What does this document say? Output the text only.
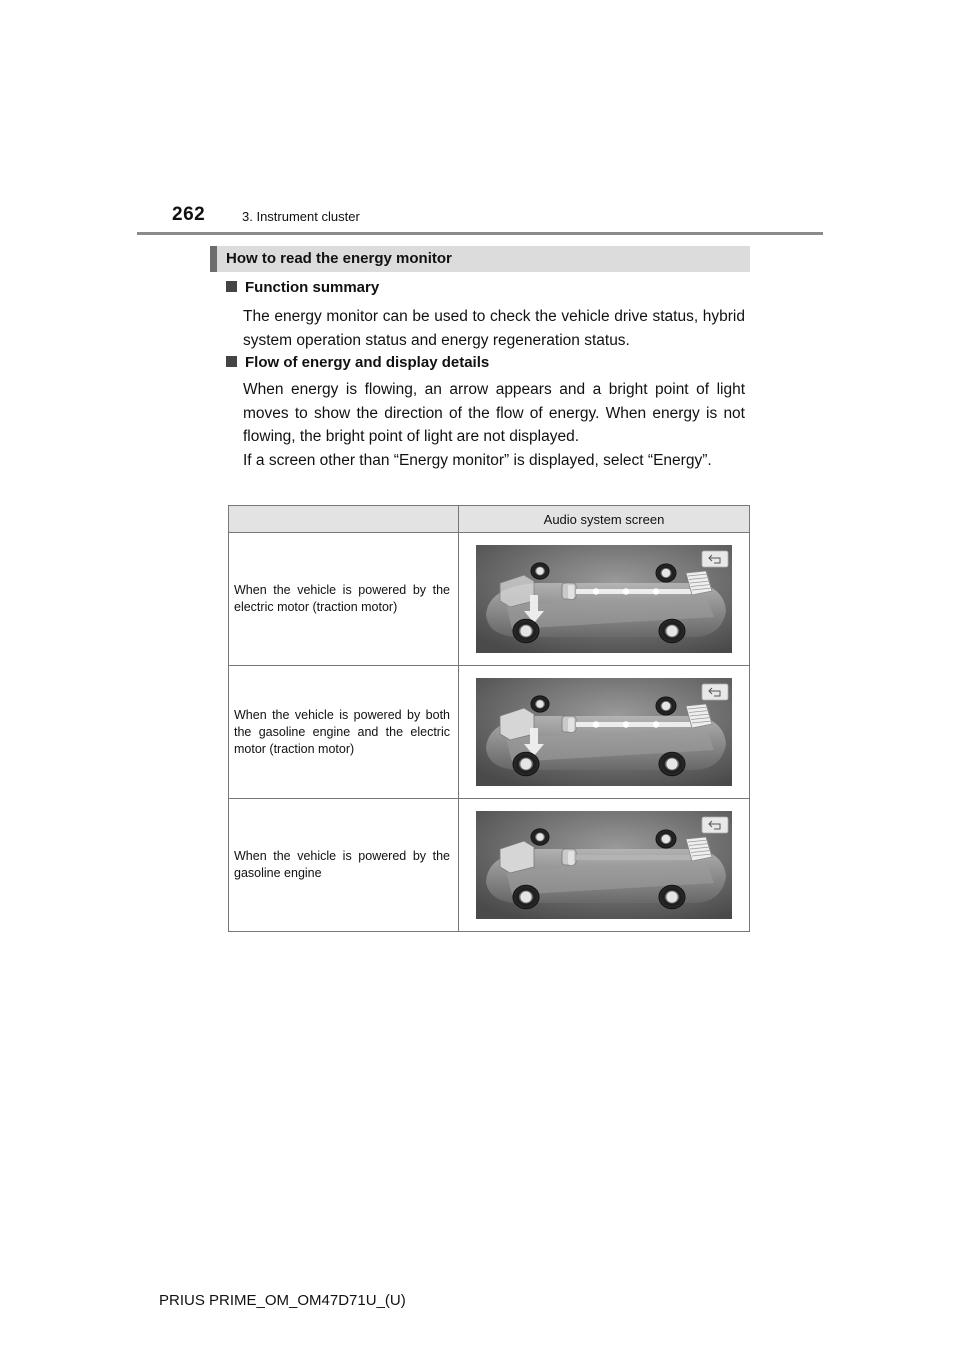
262	3. Instrument cluster
How to read the energy monitor
Function summary
The energy monitor can be used to check the vehicle drive status, hybrid system operation status and energy regeneration status.
Flow of energy and display details
When energy is flowing, an arrow appears and a bright point of light moves to show the direction of the flow of energy. When energy is not flowing, the bright point of light are not displayed.
If a screen other than “Energy monitor” is displayed, select “Energy”.
	Audio system screen
When the vehicle is powered by the electric motor (traction motor)	

When the vehicle is powered by both the gasoline engine and the electric motor (traction motor)	

When the vehicle is powered by the gasoline engine	
PRIUS PRIME_OM_OM47D71U_(U)
